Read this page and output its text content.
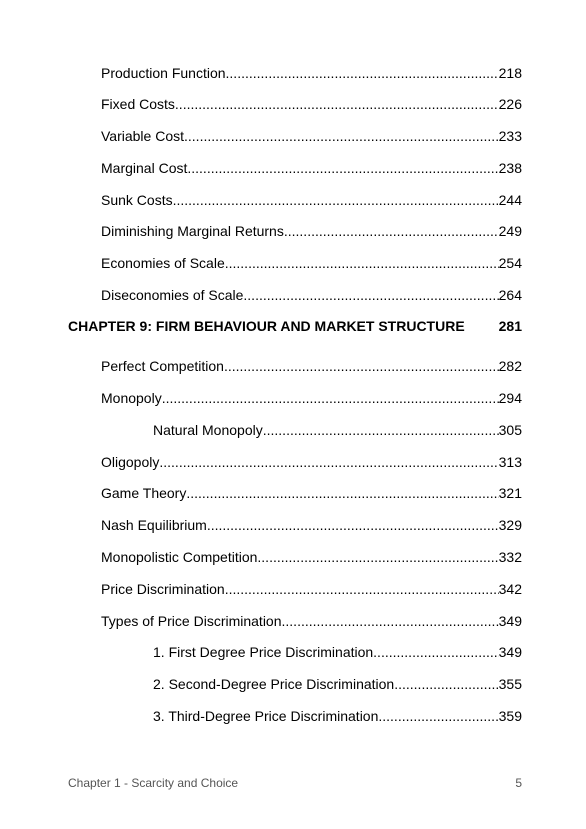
Production Function .....	218
Fixed Costs .....	226
Variable Cost .....	233
Marginal Cost .....	238
Sunk Costs .....	244
Diminishing Marginal Returns .....	249
Economies of Scale .....	254
Diseconomies of Scale .....	264
CHAPTER 9: FIRM BEHAVIOUR AND MARKET STRUCTURE 281
Perfect Competition .....	282
Monopoly .....	294
Natural Monopoly .....	305
Oligopoly .....	313
Game Theory .....	321
Nash Equilibrium .....	329
Monopolistic Competition .....	332
Price Discrimination .....	342
Types of Price Discrimination .....	349
1. First Degree Price Discrimination .....	349
2. Second-Degree Price Discrimination .....	355
3. Third-Degree Price Discrimination .....	359
Chapter 1 - Scarcity and Choice	5
